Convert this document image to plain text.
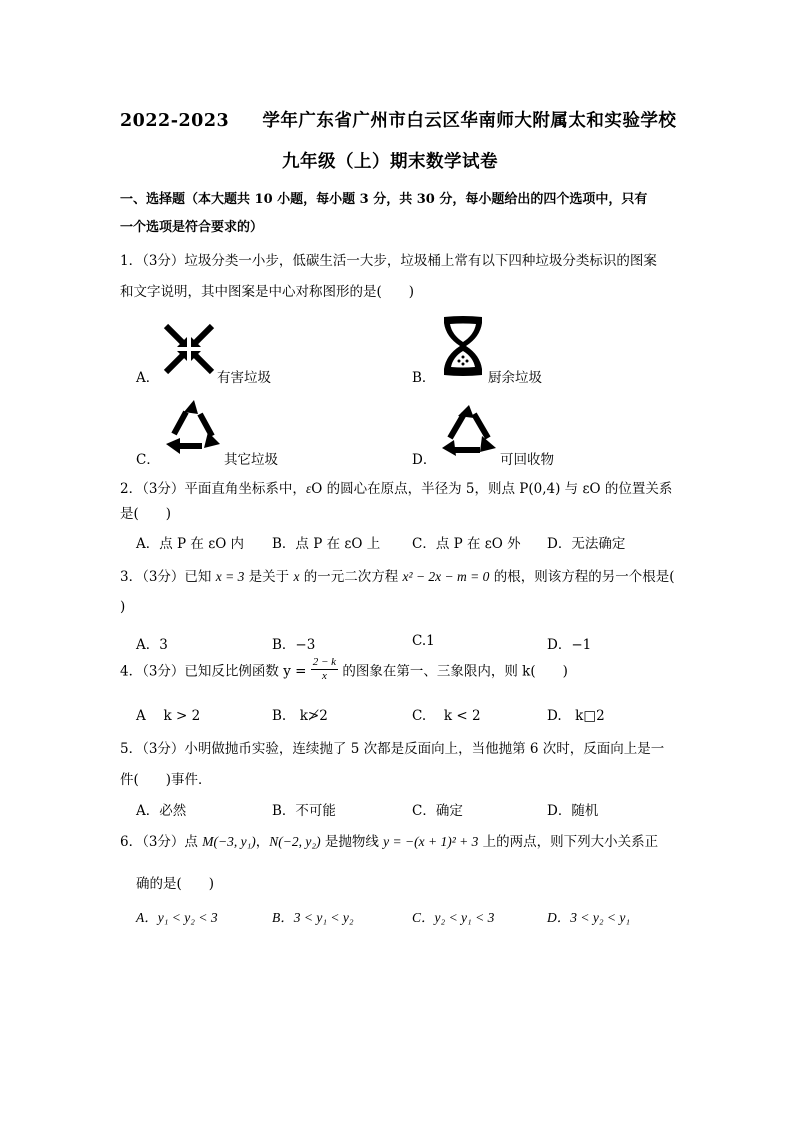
2022-2023 学年广东省广州市白云区华南师大附属太和实验学校
九年级（上）期末数学试卷
一、选择题（本大题共 10 小题，每小题 3 分，共 30 分，每小题给出的四个选项中，只有
一个选项是符合要求的）
1．（3分）垃圾分类一小步，低碳生活一大步，垃圾桶上常有以下四种垃圾分类标识的图案
和文字说明，其中图案是中心对称图形的是(　　)
A．	有害垃圾	B．	厨余垃圾
C．	其它垃圾	D．	可回收物
2．（3分）平面直角坐标系中，εO 的圆心在原点，半径为 5，则点 P(0,4) 与 εO 的位置关系
是(　　)
A．点 P 在 εO 内 B．点 P 在 εO 上 C．点 P 在 εO 外 D．无法确定
3．（3分）已知 x = 3 是关于 x 的一元二次方程 x² − 2x − m = 0 的根，则该方程的另一个根是(
)
A．3	B．−3	C.1	D．−1
4．（3分）已知反比例函数 $y = \frac{2 - k}{x}$ 的图象在第一、三象限内，则 k(　　)
A　 k > 2	B.　k≯2	C.　 k < 2	D.　k□2
5．（3分）小明做抛币实验，连续抛了 5 次都是反面向上，当他抛第 6 次时，反面向上是一
件(　　)事件．
A．必然	B．不可能	C．确定	D．随机
6．（3分）点 M(−3, y₁)，N(−2, y₂) 是抛物线 y = −(x + 1)² + 3 上的两点，则下列大小关系正
确的是(　　)
A．y₁ < y₂ < 3	B．3 < y₁ < y₂	C．y₂ < y₁ < 3	D．3 < y₂ < y₁
